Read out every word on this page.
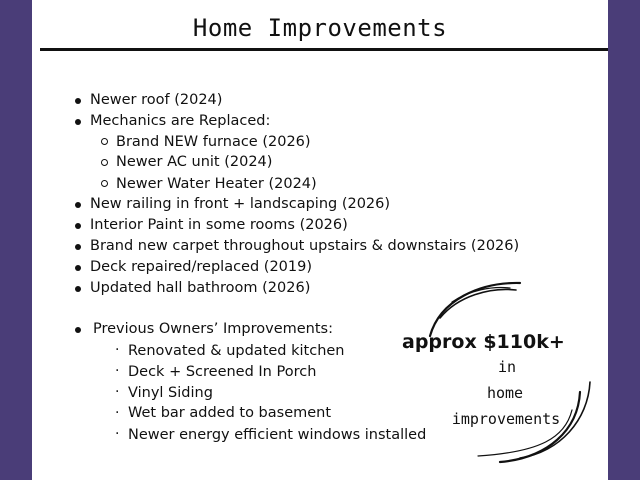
Home Improvements
Newer roof (2024)
Mechanics are Replaced:
Brand NEW furnace (2026)
Newer AC unit (2024)
Newer Water Heater (2024)
New railing in front + landscaping (2026)
Interior Paint in some rooms (2026)
Brand new carpet throughout upstairs & downstairs (2026)
Deck repaired/replaced (2019)
Updated hall bathroom (2026)
Previous Owners’ Improvements:
· Renovated & updated kitchen
· Deck + Screened In Porch
· Vinyl Siding
· Wet bar added to basement
· Newer energy efficient windows installed
approx $110k+
in
home
improvements
